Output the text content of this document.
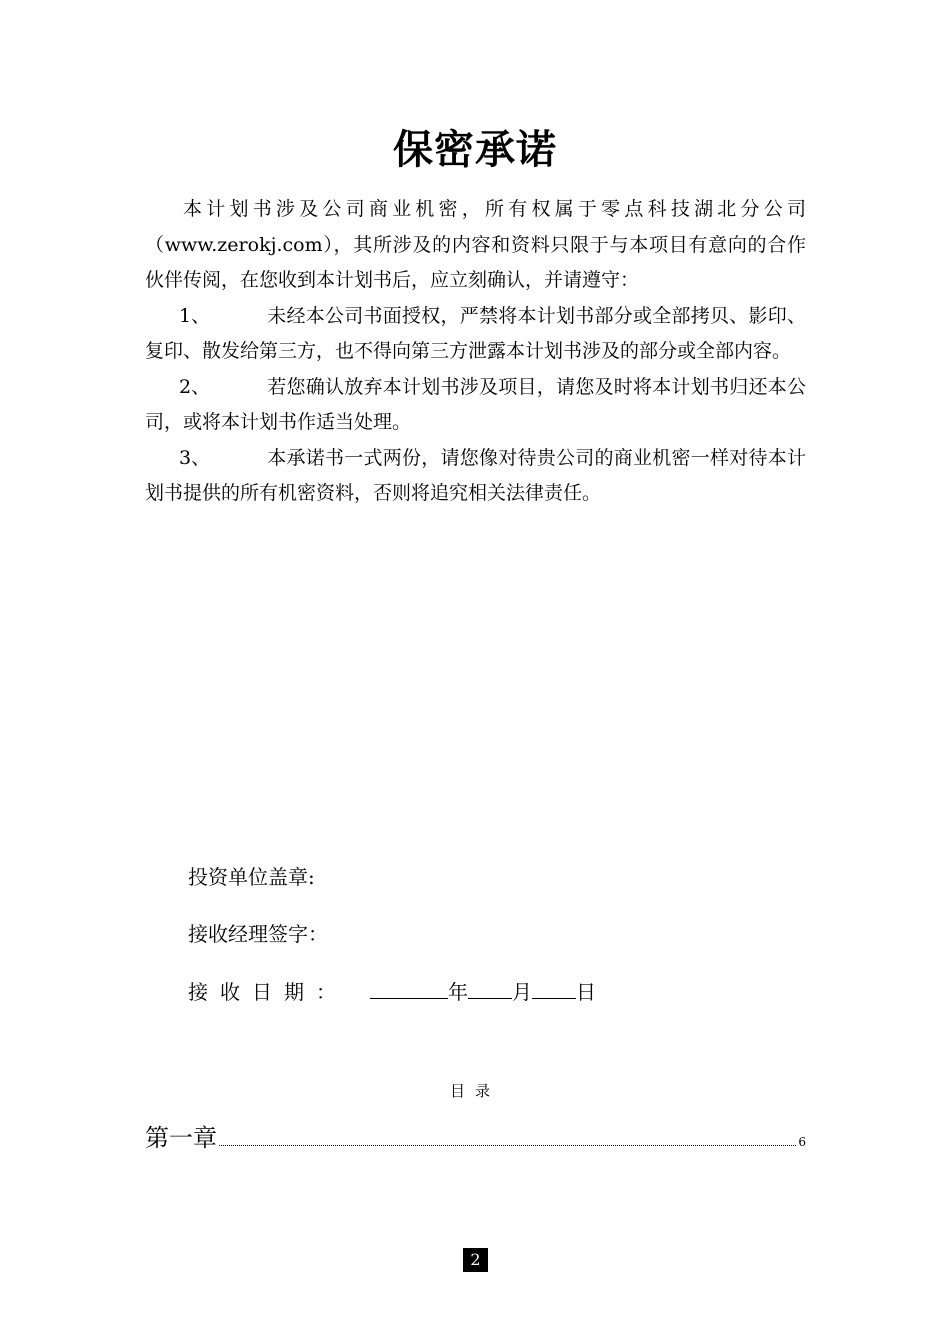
保密承诺

本计划书涉及公司商业机密，所有权属于零点科技湖北分公司（www.zerokj.com），其所涉及的内容和资料只限于与本项目有意向的合作伙伴传阅，在您收到本计划书后，应立刻确认，并请遵守：

1、	未经本公司书面授权，严禁将本计划书部分或全部拷贝、影印、复印、散发给第三方，也不得向第三方泄露本计划书涉及的部分或全部内容。

2、	若您确认放弃本计划书涉及项目，请您及时将本计划书归还本公司，或将本计划书作适当处理。

3、	本承诺书一式两份，请您像对待贵公司的商业机密一样对待本计划书提供的所有机密资料，否则将追究相关法律责任。

投资单位盖章:
接收经理签字：
接收日期：	年 月 日
目录
第一章	6
2
